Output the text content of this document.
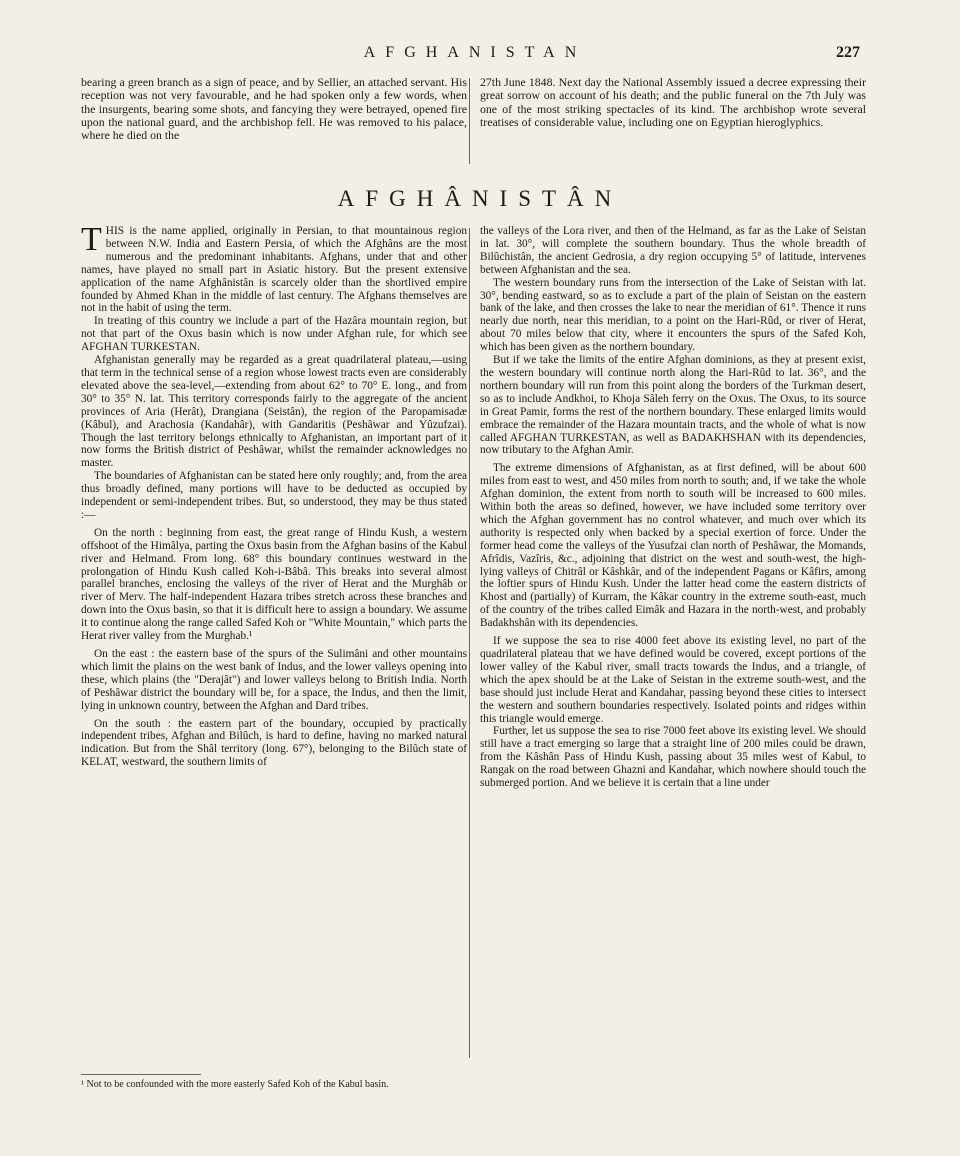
AFGHANISTAN	227

bearing a green branch as a sign of peace, and by Sellier, an attached servant. His reception was not very favourable, and he had spoken only a few words, when the insurgents, bearing some shots, and fancying they were betrayed, opened fire upon the national guard, and the archbishop fell. He was removed to his palace, where he died on the

27th June 1848. Next day the National Assembly issued a decree expressing their great sorrow on account of his death; and the public funeral on the 7th July was one of the most striking spectacles of its kind. The archbishop wrote several treatises of considerable value, including one on Egyptian hieroglyphics.

AFGHÂNISTÂN

THIS is the name applied, originally in Persian, to that mountainous region between N.W. India and Eastern Persia, of which the Afghâns are the most numerous and the predominant inhabitants. Afghans, under that and other names, have played no small part in Asiatic history. But the present extensive application of the name Afghânistân is scarcely older than the shortlived empire founded by Ahmed Khan in the middle of last century. The Afghans themselves are not in the habit of using the term.

In treating of this country we include a part of the Hazâra mountain region, but not that part of the Oxus basin which is now under Afghan rule, for which see AFGHAN TURKESTAN.

Afghanistan generally may be regarded as a great quadrilateral plateau,—using that term in the technical sense of a region whose lowest tracts even are considerably elevated above the sea-level,—extending from about 62° to 70° E. long., and from 30° to 35° N. lat. This territory corresponds fairly to the aggregate of the ancient provinces of Aria (Herât), Drangiana (Seistân), the region of the Paropamisadæ (Kâbul), and Arachosia (Kandahâr), with Gandaritis (Peshâwar and Yûzufzai). Though the last territory belongs ethnically to Afghanistan, an important part of it now forms the British district of Peshâwar, whilst the remainder acknowledges no master.

The boundaries of Afghanistan can be stated here only roughly; and, from the area thus broadly defined, many portions will have to be deducted as occupied by independent or semi-independent tribes. But, so understood, they may be thus stated :—

On the north : beginning from east, the great range of Hindu Kush, a western offshoot of the Himâlya, parting the Oxus basin from the Afghan basins of the Kabul river and Helmand. From long. 68° this boundary continues westward in the prolongation of Hindu Kush called Koh-i-Bâbâ. This breaks into several almost parallel branches, enclosing the valleys of the river of Herat and the Murghâb or river of Merv. The half-independent Hazara tribes stretch across these branches and down into the Oxus basin, so that it is difficult here to assign a boundary. We assume it to continue along the range called Safed Koh or "White Mountain," which parts the Herat river valley from the Murghab.¹

On the east : the eastern base of the spurs of the Sulimâni and other mountains which limit the plains on the west bank of Indus, and the lower valleys opening into these, which plains (the "Derajât") and lower valleys belong to British India. North of Peshâwar district the boundary will be, for a space, the Indus, and then the limit, lying in unknown country, between the Afghan and Dard tribes.

On the south : the eastern part of the boundary, occupied by practically independent tribes, Afghan and Bilûch, is hard to define, having no marked natural indication. But from the Shâl territory (long. 67°), belonging to the Bilûch state of KELAT, westward, the southern limits of

the valleys of the Lora river, and then of the Helmand, as far as the Lake of Seistan in lat. 30°, will complete the southern boundary. Thus the whole breadth of Bilûchistân, the ancient Gedrosia, a dry region occupying 5° of latitude, intervenes between Afghanistan and the sea.

The western boundary runs from the intersection of the Lake of Seistan with lat. 30°, bending eastward, so as to exclude a part of the plain of Seistan on the eastern bank of the lake, and then crosses the lake to near the meridian of 61°. Thence it runs nearly due north, near this meridian, to a point on the Hari-Rûd, or river of Herat, about 70 miles below that city, where it encounters the spurs of the Safed Koh, which has been given as the northern boundary.

But if we take the limits of the entire Afghan dominions, as they at present exist, the western boundary will continue north along the Hari-Rûd to lat. 36°, and the northern boundary will run from this point along the borders of the Turkman desert, so as to include Andkhoi, to Khoja Sâleh ferry on the Oxus. The Oxus, to its source in Great Pamir, forms the rest of the northern boundary. These enlarged limits would embrace the remainder of the Hazara mountain tracts, and the whole of what is now called AFGHAN TURKESTAN, as well as BADAKHSHAN with its dependencies, now tributary to the Afghan Amir.

The extreme dimensions of Afghanistan, as at first defined, will be about 600 miles from east to west, and 450 miles from north to south; and, if we take the whole Afghan dominion, the extent from north to south will be increased to 600 miles. Within both the areas so defined, however, we have included some territory over which the Afghan government has no control whatever, and much over which its authority is respected only when backed by a special exertion of force. Under the former head come the valleys of the Yusufzai clan north of Peshâwar, the Momands, Afrîdis, Vazîris, &c., adjoining that district on the west and south-west, the high-lying valleys of Chitrâl or Kâshkâr, and of the independent Pagans or Kâfirs, among the loftier spurs of Hindu Kush. Under the latter head come the eastern districts of Khost and (partially) of Kurram, the Kâkar country in the extreme south-east, much of the country of the tribes called Eimâk and Hazara in the north-west, and probably Badakhshân with its dependencies.

If we suppose the sea to rise 4000 feet above its existing level, no part of the quadrilateral plateau that we have defined would be covered, except portions of the lower valley of the Kabul river, small tracts towards the Indus, and a triangle, of which the apex should be at the Lake of Seistan in the extreme south-west, and the base should just include Herat and Kandahar, passing beyond these cities to intersect the western and southern boundaries respectively. Isolated points and ridges within this triangle would emerge.

Further, let us suppose the sea to rise 7000 feet above its existing level. We should still have a tract emerging so large that a straight line of 200 miles could be drawn, from the Kâshân Pass of Hindu Kush, passing about 35 miles west of Kabul, to Rangak on the road between Ghazni and Kandahar, which nowhere should touch the submerged portion. And we believe it is certain that a line under

¹ Not to be confounded with the more easterly Safed Koh of the Kabul basin.
